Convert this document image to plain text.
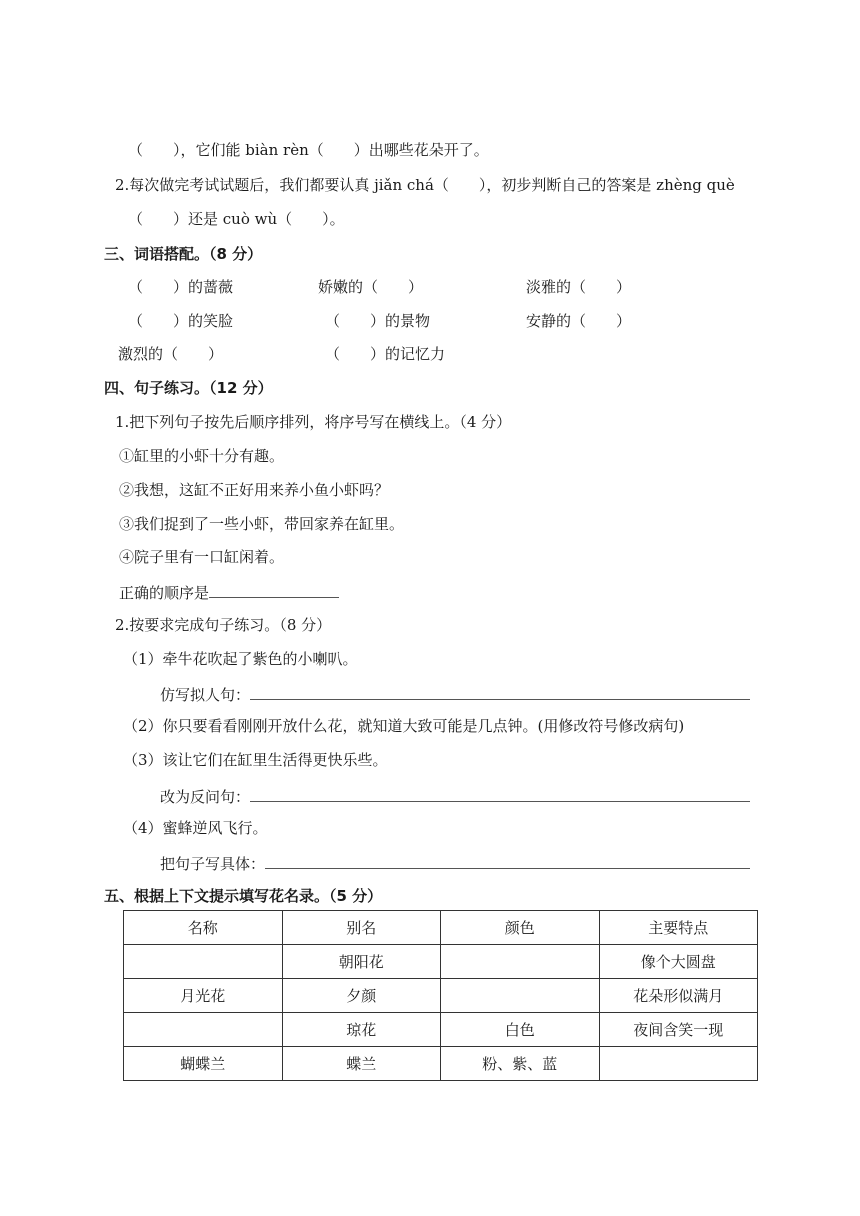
（　　），它们能 biàn rèn（　　）出哪些花朵开了。
2.每次做完考试试题后，我们都要认真 jiǎn chá（　　），初步判断自己的答案是 zhèng què
（　　）还是 cuò wù（　　）。
三、词语搭配。（8 分）
（　　）的蔷薇	娇嫩的（　　）	淡雅的（　　）
（　　）的笑脸	（　　）的景物	安静的（　　）
激烈的（　　）	（　　）的记忆力
四、句子练习。（12 分）
1.把下列句子按先后顺序排列，将序号写在横线上。（4 分）
①缸里的小虾十分有趣。
②我想，这缸不正好用来养小鱼小虾吗？
③我们捉到了一些小虾，带回家养在缸里。
④院子里有一口缸闲着。
正确的顺序是
2.按要求完成句子练习。（8 分）
（1）牵牛花吹起了紫色的小喇叭。
仿写拟人句：
（2）你只要看看刚刚开放什么花，就知道大致可能是几点钟。(用修改符号修改病句)
（3）该让它们在缸里生活得更快乐些。
改为反问句：
（4）蜜蜂逆风飞行。
把句子写具体：
五、根据上下文提示填写花名录。（5 分）
名称	别名	颜色	主要特点
	朝阳花		像个大圆盘
月光花	夕颜		花朵形似满月
	琼花	白色	夜间含笑一现
蝴蝶兰	蝶兰	粉、紫、蓝	
